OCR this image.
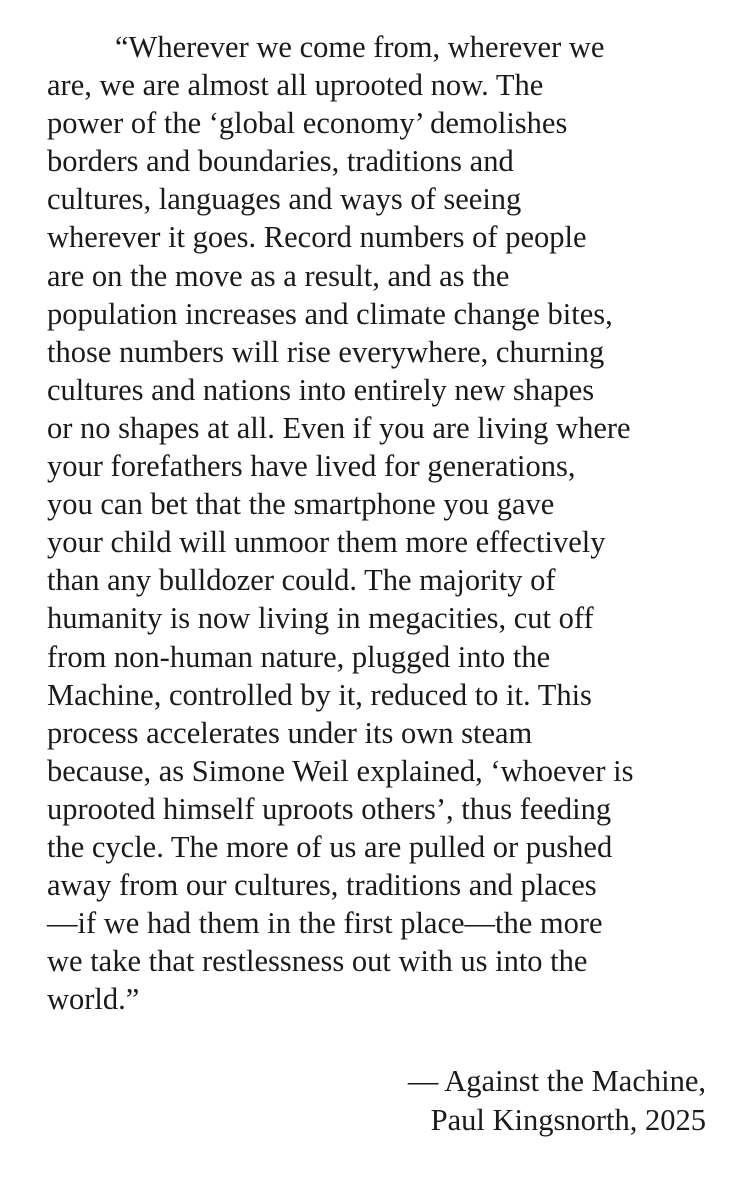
“Wherever we come from, wherever we
are, we are almost all uprooted now. The
power of the ‘global economy’ demolishes
borders and boundaries, traditions and
cultures, languages and ways of seeing
wherever it goes. Record numbers of people
are on the move as a result, and as the
population increases and climate change bites,
those numbers will rise everywhere, churning
cultures and nations into entirely new shapes
or no shapes at all. Even if you are living where
your forefathers have lived for generations,
you can bet that the smartphone you gave
your child will unmoor them more effectively
than any bulldozer could. The majority of
humanity is now living in megacities, cut off
from non-human nature, plugged into the
Machine, controlled by it, reduced to it. This
process accelerates under its own steam
because, as Simone Weil explained, ‘whoever is
uprooted himself uproots others’, thus feeding
the cycle. The more of us are pulled or pushed
away from our cultures, traditions and places
—if we had them in the first place—the more
we take that restlessness out with us into the
world.”
— Against the Machine,
Paul Kingsnorth, 2025
